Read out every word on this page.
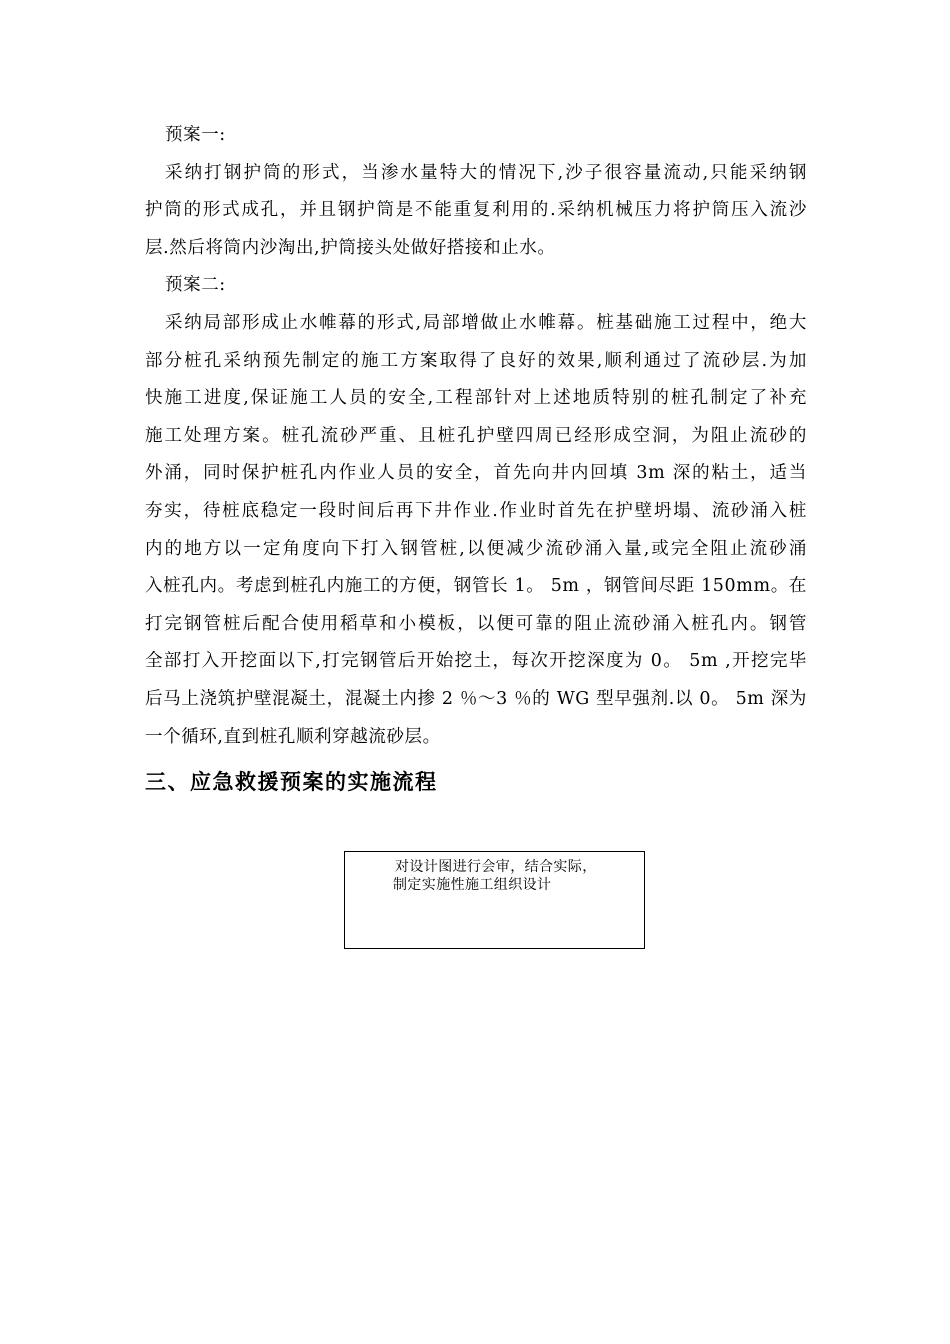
预案一:
采纳打钢护筒的形式，当渗水量特大的情况下,沙子很容量流动,只能采纳钢
护筒的形式成孔，并且钢护筒是不能重复利用的.采纳机械压力将护筒压入流沙
层.然后将筒内沙淘出,护筒接头处做好搭接和止水。
预案二:
采纳局部形成止水帷幕的形式,局部增做止水帷幕。桩基础施工过程中，绝大
部分桩孔采纳预先制定的施工方案取得了良好的效果,顺利通过了流砂层.为加
快施工进度,保证施工人员的安全,工程部针对上述地质特别的桩孔制定了补充
施工处理方案。桩孔流砂严重、且桩孔护壁四周已经形成空洞，为阻止流砂的
外涌，同时保护桩孔内作业人员的安全，首先向井内回填 3m 深的粘土，适当
夯实，待桩底稳定一段时间后再下井作业.作业时首先在护壁坍塌、流砂涌入桩
内的地方以一定角度向下打入钢管桩,以便减少流砂涌入量,或完全阻止流砂涌
入桩孔内。考虑到桩孔内施工的方便，钢管长 1。 5m ，钢管间尽距 150mm。在
打完钢管桩后配合使用稻草和小模板，以便可靠的阻止流砂涌入桩孔内。钢管
全部打入开挖面以下,打完钢管后开始挖土，每次开挖深度为 0。 5m ,开挖完毕
后马上浇筑护壁混凝土，混凝土内掺 2 ％～3 ％的 WG 型早强剂.以 0。 5m 深为
一个循环,直到桩孔顺利穿越流砂层。
三、应急救援预案的实施流程
对设计图进行会审，结合实际，
制定实施性施工组织设计
